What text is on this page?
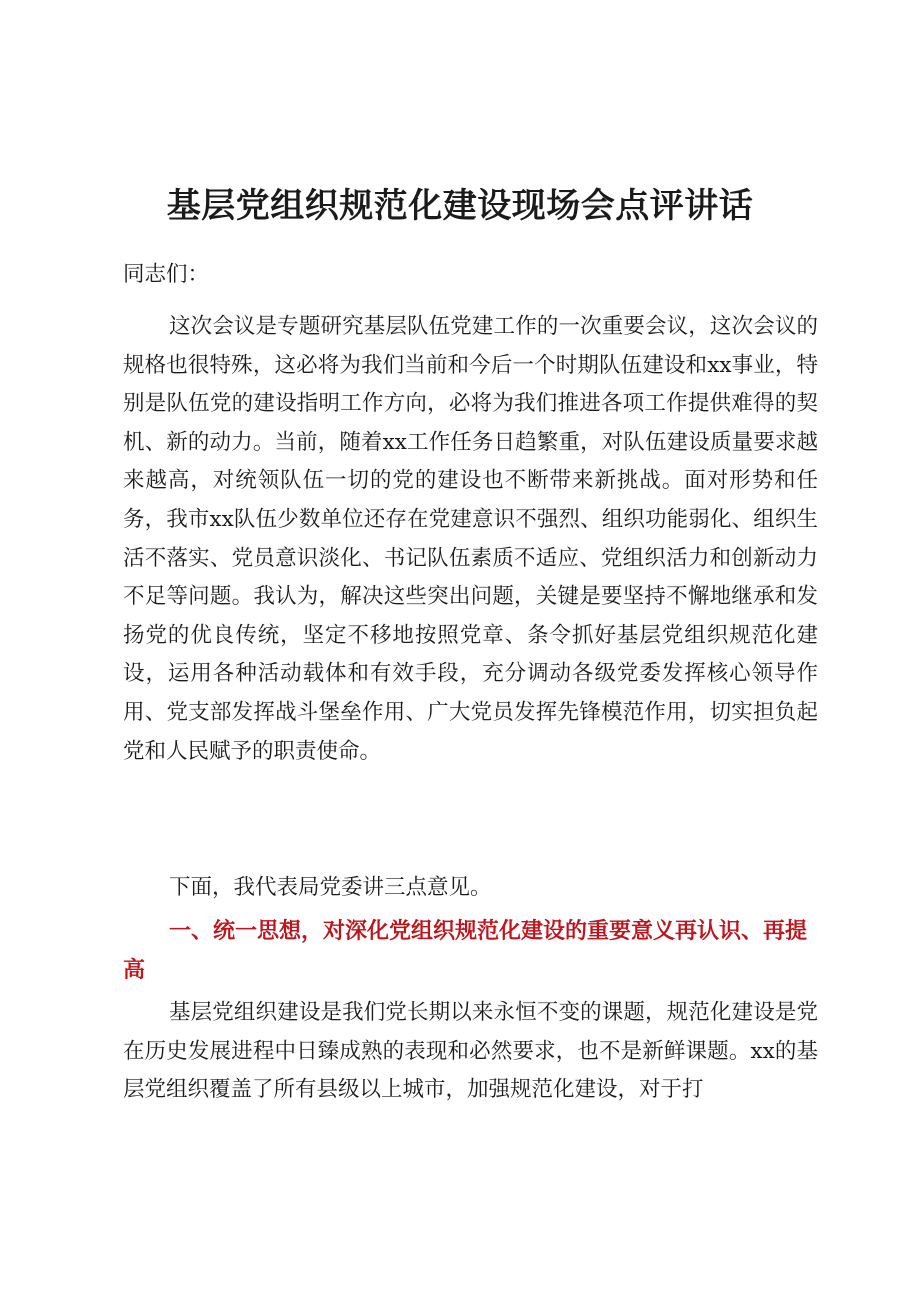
基层党组织规范化建设现场会点评讲话

同志们：

这次会议是专题研究基层队伍党建工作的一次重要会议，这次会议的规格也很特殊，这必将为我们当前和今后一个时期队伍建设和xx事业，特别是队伍党的建设指明工作方向，必将为我们推进各项工作提供难得的契机、新的动力。当前，随着xx工作任务日趋繁重，对队伍建设质量要求越来越高，对统领队伍一切的党的建设也不断带来新挑战。面对形势和任务，我市xx队伍少数单位还存在党建意识不强烈、组织功能弱化、组织生活不落实、党员意识淡化、书记队伍素质不适应、党组织活力和创新动力不足等问题。我认为，解决这些突出问题，关键是要坚持不懈地继承和发扬党的优良传统，坚定不移地按照党章、条令抓好基层党组织规范化建设，运用各种活动载体和有效手段，充分调动各级党委发挥核心领导作用、党支部发挥战斗堡垒作用、广大党员发挥先锋模范作用，切实担负起党和人民赋予的职责使命。

下面，我代表局党委讲三点意见。

一、统一思想，对深化党组织规范化建设的重要意义再认识、再提高

基层党组织建设是我们党长期以来永恒不变的课题，规范化建设是党在历史发展进程中日臻成熟的表现和必然要求，也不是新鲜课题。xx的基层党组织覆盖了所有县级以上城市，加强规范化建设，对于打
